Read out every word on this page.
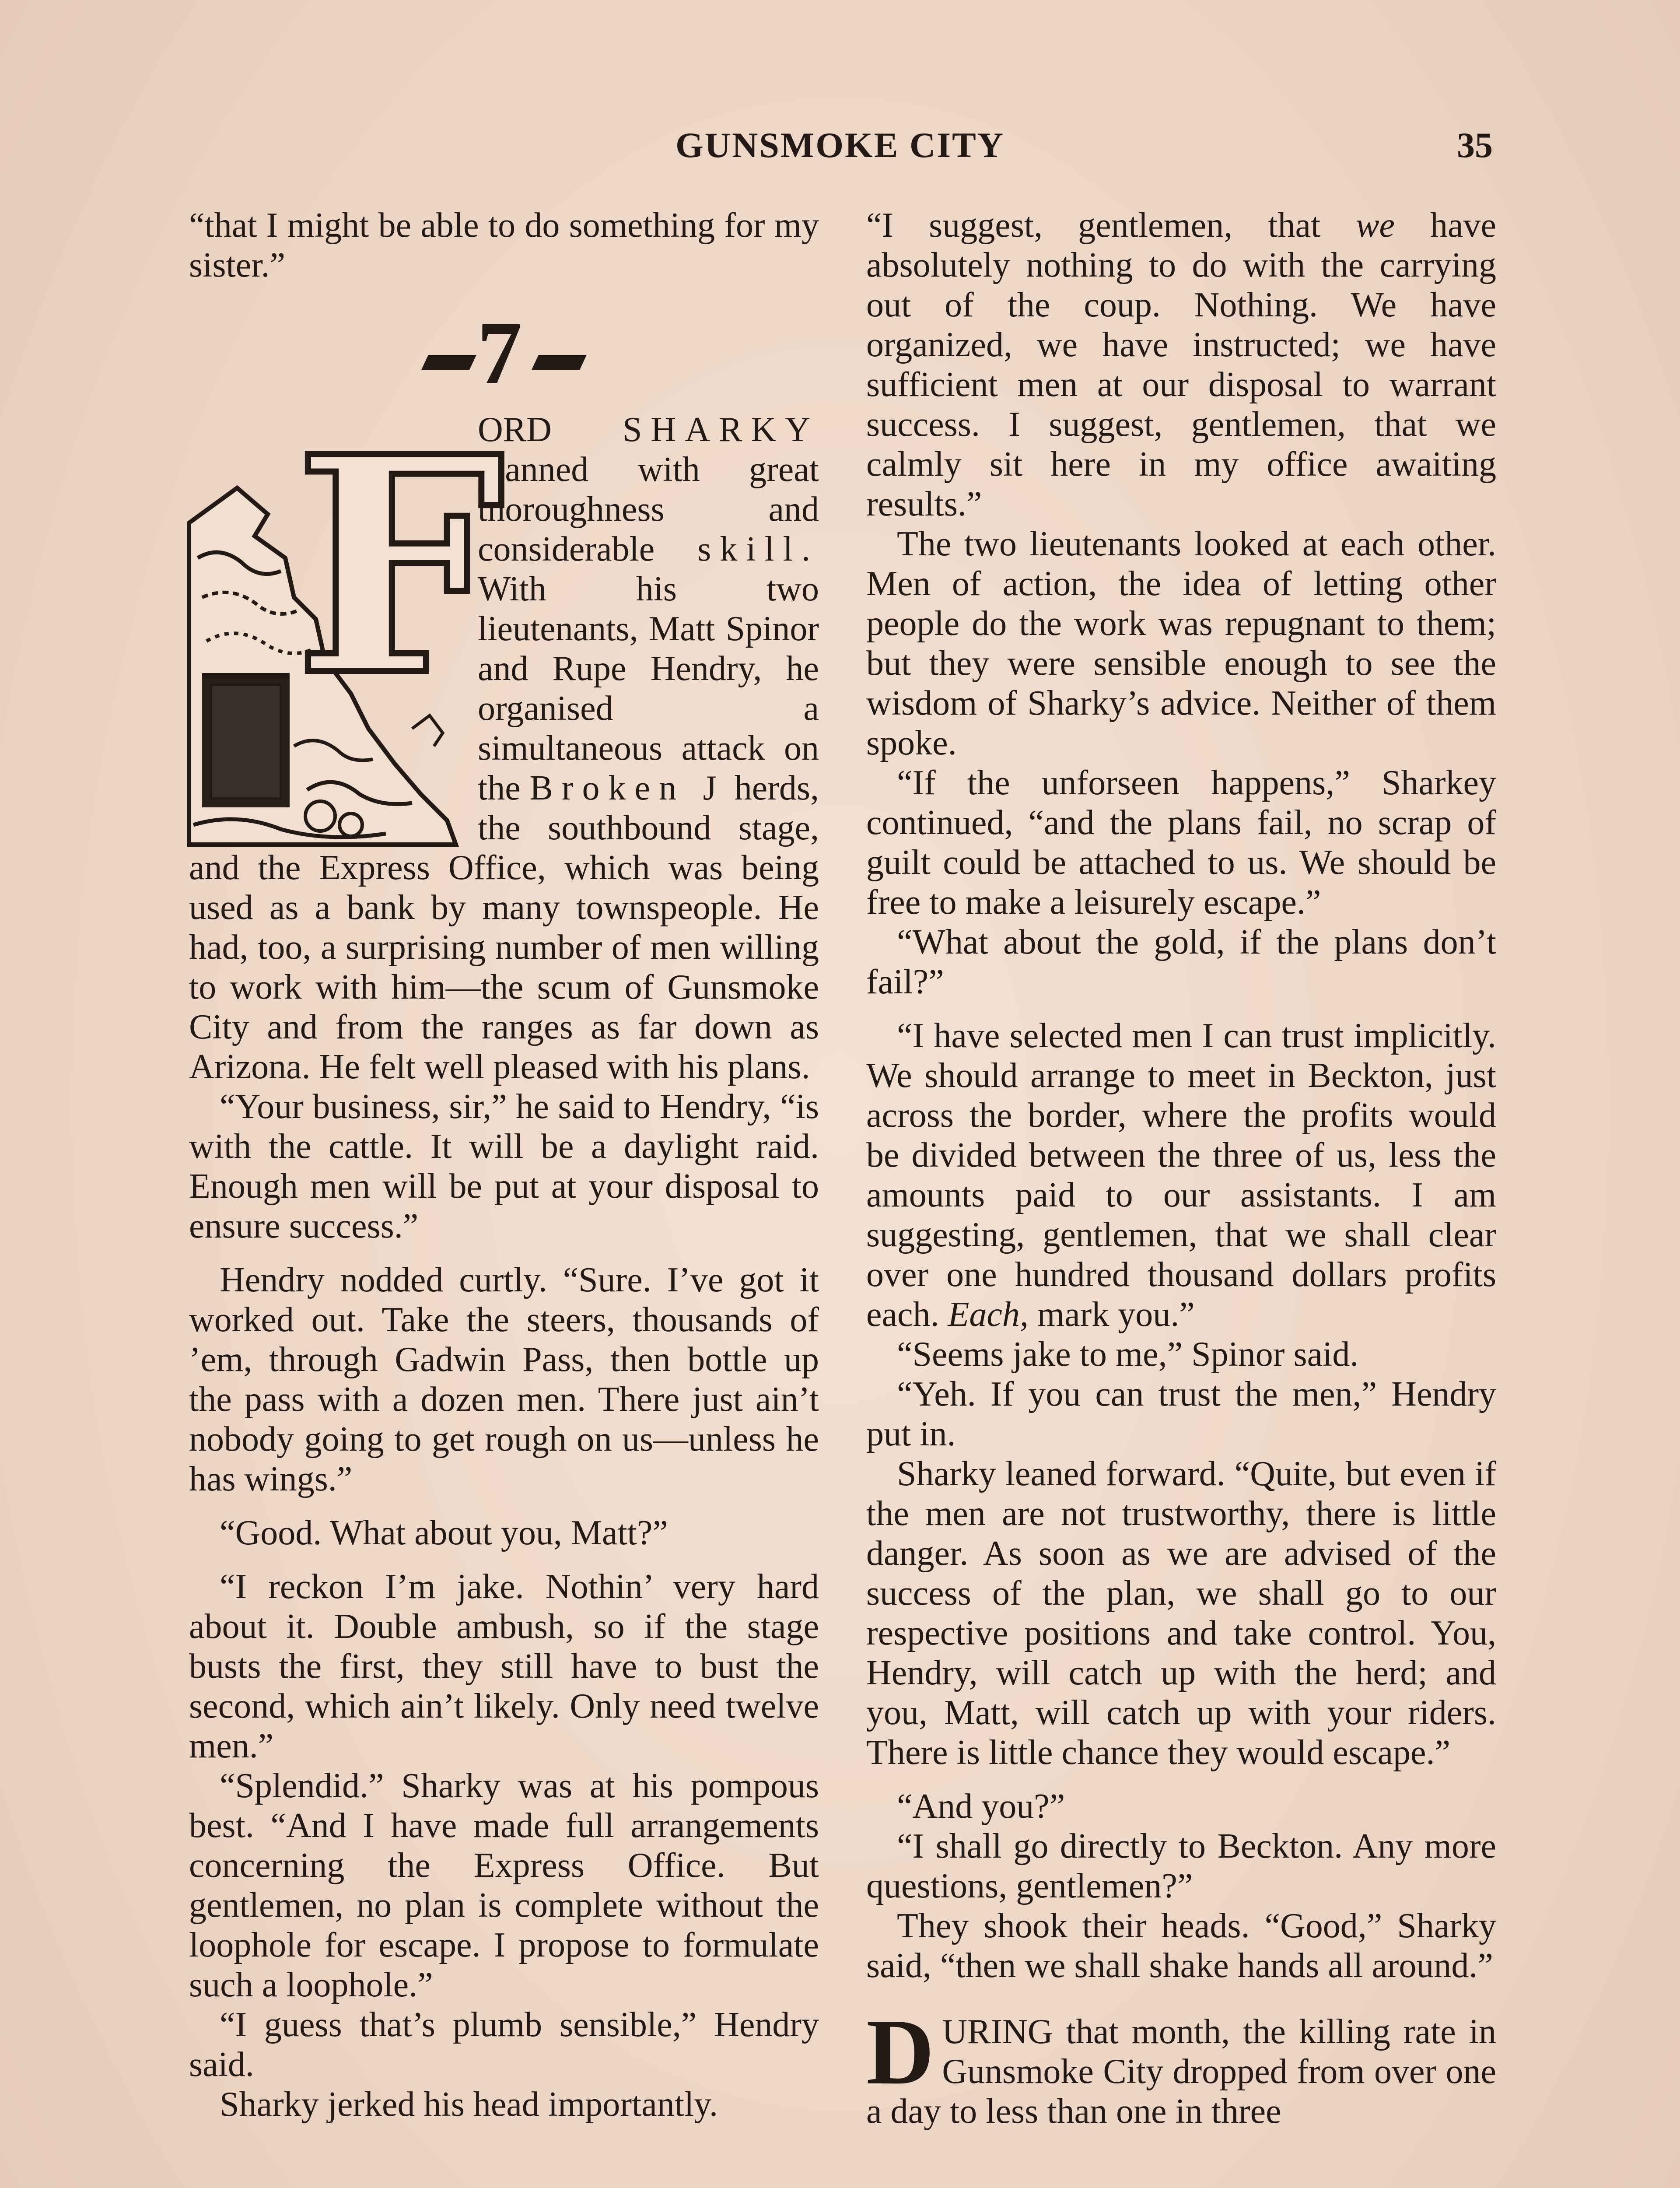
GUNSMOKE CITY	35

“that I might be able to do something for my sister.”

7

F
ORD SHARKY planned with great thoroughness and considerable skill. With his two lieutenants, Matt Spinor and Rupe Hendry, he organised a simultaneous attack on the Broken J herds, the southbound stage, and the Express Office, which was being used as a bank by many townspeople. He had, too, a surprising number of men willing to work with him—the scum of Gunsmoke City and from the ranges as far down as Arizona. He felt well pleased with his plans.

“Your business, sir,” he said to Hendry, “is with the cattle. It will be a daylight raid. Enough men will be put at your disposal to ensure success.”

Hendry nodded curtly. “Sure. I’ve got it worked out. Take the steers, thousands of ’em, through Gadwin Pass, then bottle up the pass with a dozen men. There just ain’t nobody going to get rough on us—unless he has wings.”

“Good. What about you, Matt?”

“I reckon I’m jake. Nothin’ very hard about it. Double ambush, so if the stage busts the first, they still have to bust the second, which ain’t likely. Only need twelve men.”

“Splendid.” Sharky was at his pompous best. “And I have made full arrangements concerning the Express Office. But gentlemen, no plan is complete without the loophole for escape. I propose to formulate such a loophole.”

“I guess that’s plumb sensible,” Hendry said.

Sharky jerked his head importantly.

“I suggest, gentlemen, that we have absolutely nothing to do with the carrying out of the coup. Nothing. We have organized, we have instructed; we have sufficient men at our disposal to warrant success. I suggest, gentlemen, that we calmly sit here in my office awaiting results.”

The two lieutenants looked at each other. Men of action, the idea of letting other people do the work was repugnant to them; but they were sensible enough to see the wisdom of Sharky’s advice. Neither of them spoke.

“If the unforseen happens,” Sharkey continued, “and the plans fail, no scrap of guilt could be attached to us. We should be free to make a leisurely escape.”

“What about the gold, if the plans don’t fail?”

“I have selected men I can trust implicitly. We should arrange to meet in Beckton, just across the border, where the profits would be divided between the three of us, less the amounts paid to our assistants. I am suggesting, gentlemen, that we shall clear over one hundred thousand dollars profits each. Each, mark you.”

“Seems jake to me,” Spinor said.

“Yeh. If you can trust the men,” Hendry put in.

Sharky leaned forward. “Quite, but even if the men are not trustworthy, there is little danger. As soon as we are advised of the success of the plan, we shall go to our respective positions and take control. You, Hendry, will catch up with the herd; and you, Matt, will catch up with your riders. There is little chance they would escape.”

“And you?”

“I shall go directly to Beckton. Any more questions, gentlemen?”

They shook their heads. “Good,” Sharky said, “then we shall shake hands all around.”

DURING that month, the killing rate in Gunsmoke City dropped from over one a day to less than one in three
